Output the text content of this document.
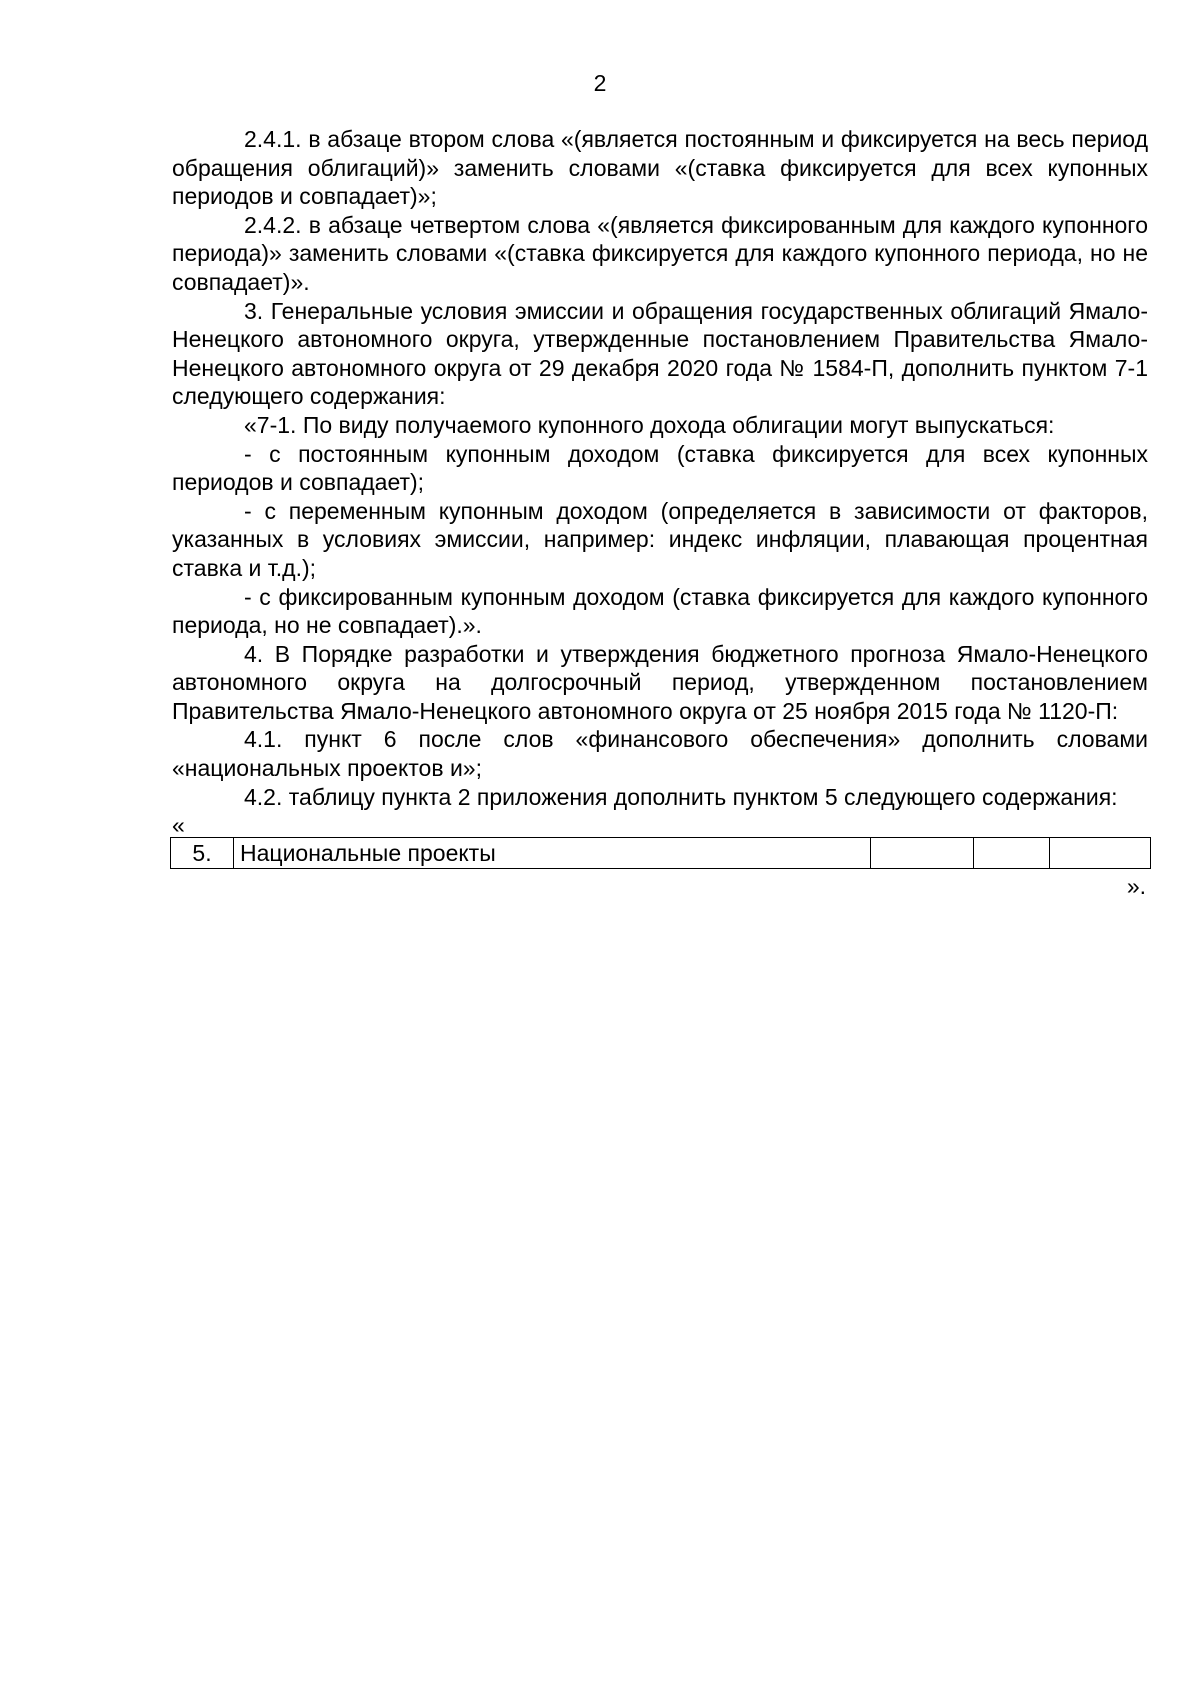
2

2.4.1. в абзаце втором слова «(является постоянным и фиксируется на весь период обращения облигаций)» заменить словами «(ставка фиксируется для всех купонных периодов и совпадает)»;

2.4.2. в абзаце четвертом слова «(является фиксированным для каждого купонного периода)» заменить словами «(ставка фиксируется для каждого купонного периода, но не совпадает)».

3. Генеральные условия эмиссии и обращения государственных облигаций Ямало-Ненецкого автономного округа, утвержденные постановлением Правительства Ямало-Ненецкого автономного округа от 29 декабря 2020 года № 1584-П, дополнить пунктом 7-1 следующего содержания:

«7-1. По виду получаемого купонного дохода облигации могут выпускаться:

- с постоянным купонным доходом (ставка фиксируется для всех купонных периодов и совпадает);

- с переменным купонным доходом (определяется в зависимости от факторов, указанных в условиях эмиссии, например: индекс инфляции, плавающая процентная ставка и т.д.);

- с фиксированным купонным доходом (ставка фиксируется для каждого купонного периода, но не совпадает).».

4. В Порядке разработки и утверждения бюджетного прогноза Ямало-Ненецкого автономного округа на долгосрочный период, утвержденном постановлением Правительства Ямало-Ненецкого автономного округа от 25 ноября 2015 года № 1120-П:

4.1. пункт 6 после слов «финансового обеспечения» дополнить словами «национальных проектов и»;

4.2. таблицу пункта 2 приложения дополнить пунктом 5 следующего содержания:

«

5.	Национальные проекты			

».
